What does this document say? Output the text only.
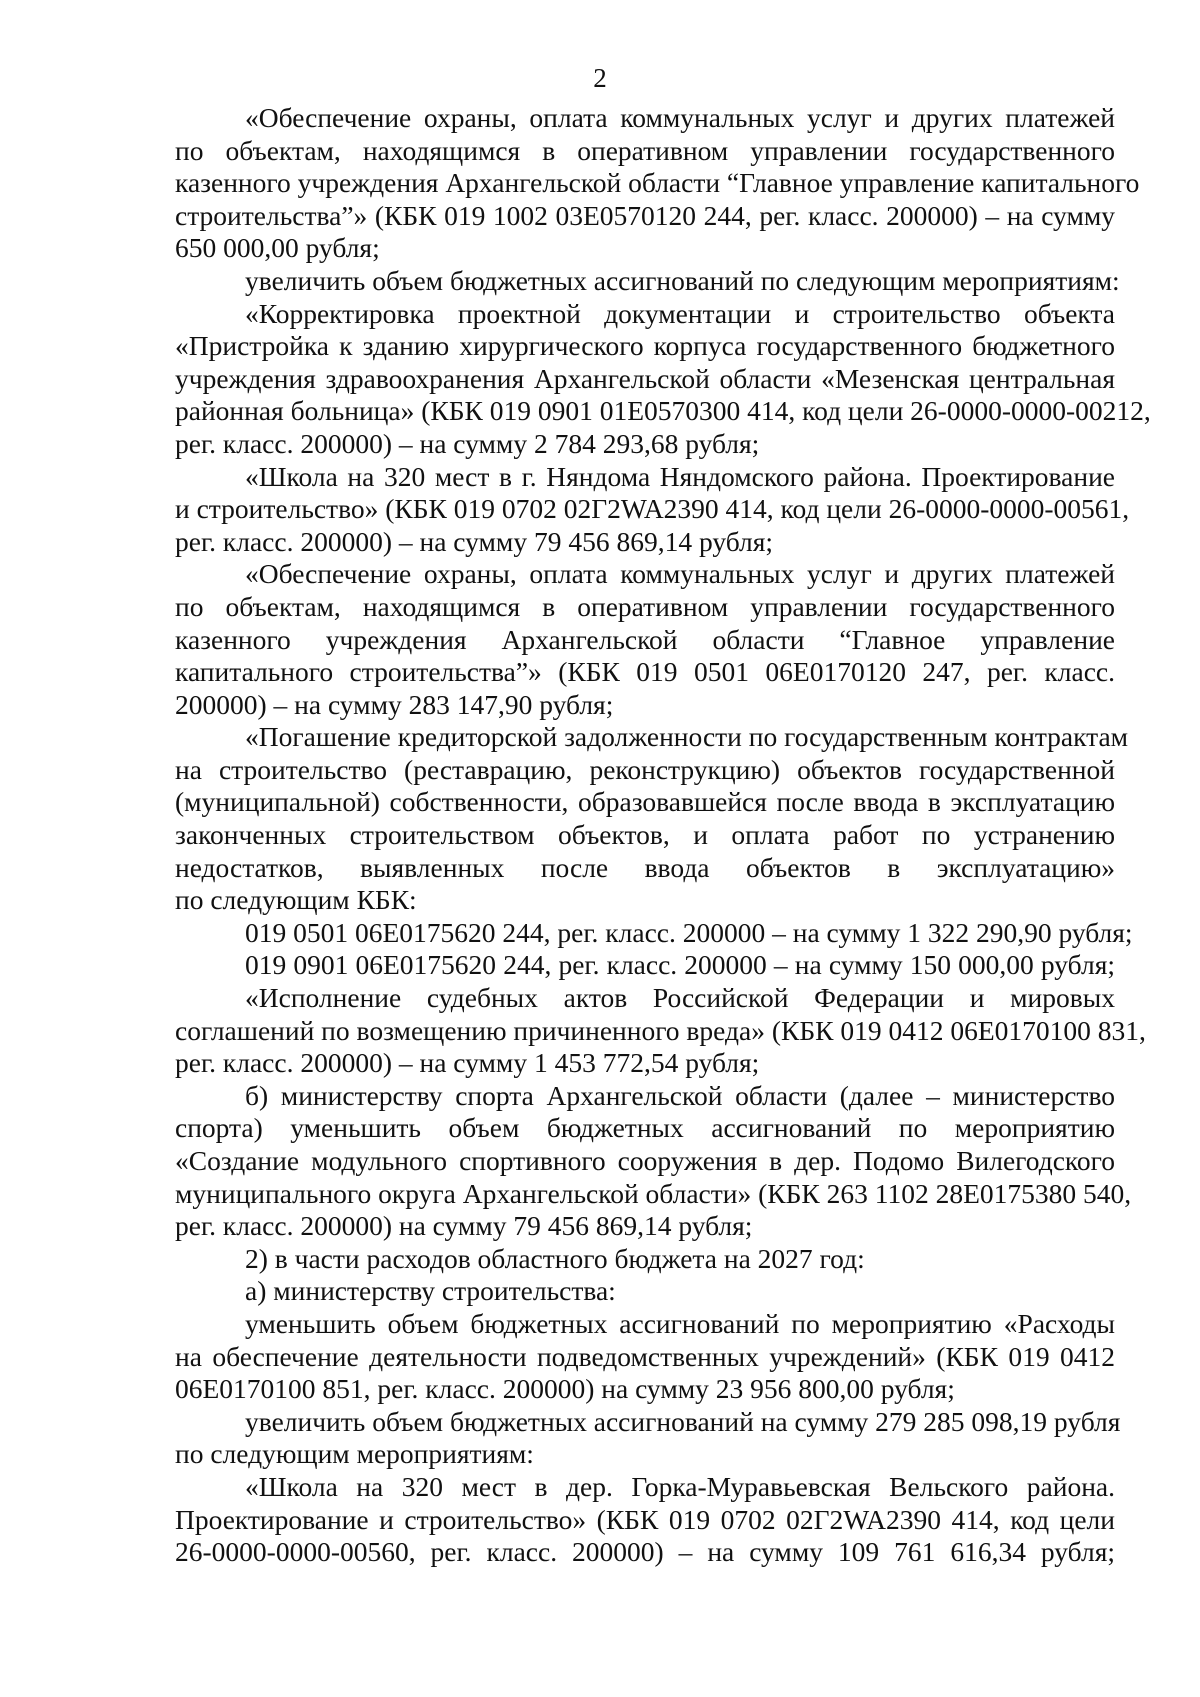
2
«Обеспечение охраны, оплата коммунальных услуг и других платежей
по объектам, находящимся в оперативном управлении государственного
казенного учреждения Архангельской области “Главное управление капитального
строительства”» (КБК 019 1002 03Е0570120 244, рег. класс. 200000) – на сумму
650 000,00 рубля;
увеличить объем бюджетных ассигнований по следующим мероприятиям:
«Корректировка проектной документации и строительство объекта
«Пристройка к зданию хирургического корпуса государственного бюджетного
учреждения здравоохранения Архангельской области «Мезенская центральная
районная больница» (КБК 019 0901 01Е0570300 414, код цели 26-0000-0000-00212,
рег. класс. 200000) – на сумму 2 784 293,68 рубля;
«Школа на 320 мест в г. Няндома Няндомского района. Проектирование
и строительство» (КБК 019 0702 02Г2WA2390 414, код цели 26-0000-0000-00561,
рег. класс. 200000) – на сумму 79 456 869,14 рубля;
«Обеспечение охраны, оплата коммунальных услуг и других платежей
по объектам, находящимся в оперативном управлении государственного
казенного учреждения Архангельской области “Главное управление
капитального строительства”» (КБК 019 0501 06Е0170120 247, рег. класс.
200000) – на сумму 283 147,90 рубля;
«Погашение кредиторской задолженности по государственным контрактам
на строительство (реставрацию, реконструкцию) объектов государственной
(муниципальной) собственности, образовавшейся после ввода в эксплуатацию
законченных строительством объектов, и оплата работ по устранению
недостатков, выявленных после ввода объектов в эксплуатацию»
по следующим КБК:
019 0501 06Е0175620 244, рег. класс. 200000 – на сумму 1 322 290,90 рубля;
019 0901 06Е0175620 244, рег. класс. 200000 – на сумму 150 000,00 рубля;
«Исполнение судебных актов Российской Федерации и мировых
соглашений по возмещению причиненного вреда» (КБК 019 0412 06Е0170100 831,
рег. класс. 200000) – на сумму 1 453 772,54 рубля;
б) министерству спорта Архангельской области (далее – министерство
спорта) уменьшить объем бюджетных ассигнований по мероприятию
«Создание модульного спортивного сооружения в дер. Подомо Вилегодского
муниципального округа Архангельской области» (КБК 263 1102 28Е0175380 540,
рег. класс. 200000) на сумму 79 456 869,14 рубля;
2) в части расходов областного бюджета на 2027 год:
а) министерству строительства:
уменьшить объем бюджетных ассигнований по мероприятию «Расходы
на обеспечение деятельности подведомственных учреждений» (КБК 019 0412
06Е0170100 851, рег. класс. 200000) на сумму 23 956 800,00 рубля;
увеличить объем бюджетных ассигнований на сумму 279 285 098,19 рубля
по следующим мероприятиям:
«Школа на 320 мест в дер. Горка-Муравьевская Вельского района.
Проектирование и строительство» (КБК 019 0702 02Г2WA2390 414, код цели
26-0000-0000-00560, рег. класс. 200000) – на сумму 109 761 616,34 рубля;
